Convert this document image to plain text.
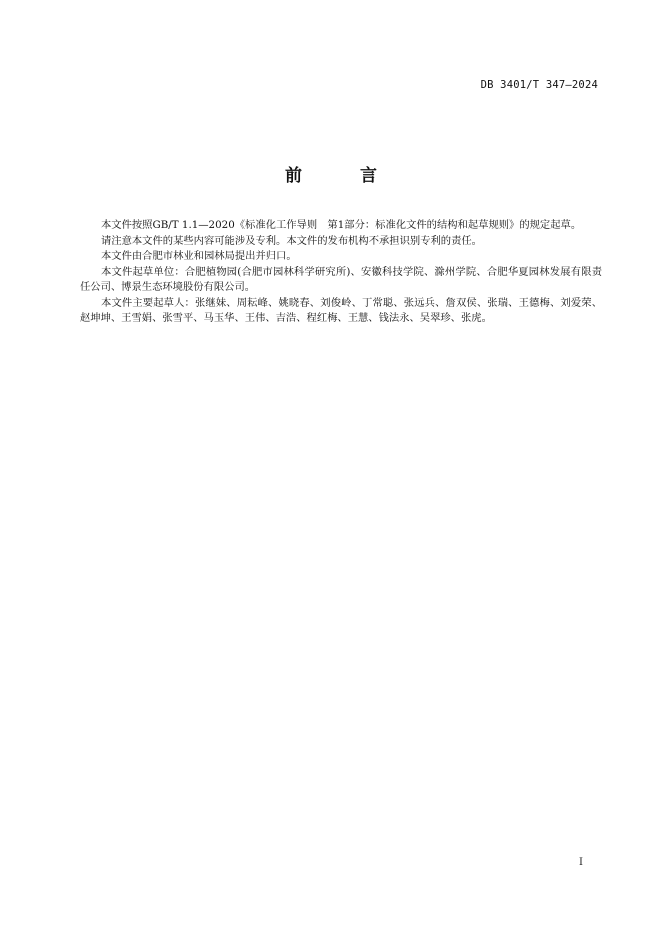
DB 3401/T 347—2024
前 言

本文件按照GB/T 1.1—2020《标准化工作导则　第1部分：标准化文件的结构和起草规则》的规定起草。

请注意本文件的某些内容可能涉及专利。本文件的发布机构不承担识别专利的责任。

本文件由合肥市林业和园林局提出并归口。

本文件起草单位：合肥植物园(合肥市园林科学研究所)、安徽科技学院、滁州学院、合肥华夏园林发展有限责任公司、博景生态环境股份有限公司。

本文件主要起草人：张继妹、周耘峰、姚晓春、刘俊岭、丁常聪、张远兵、詹双侯、张瑞、王德梅、刘爱荣、赵坤坤、王雪娟、张雪平、马玉华、王伟、吉浩、程红梅、王慧、钱法永、吴翠珍、张虎。

I
